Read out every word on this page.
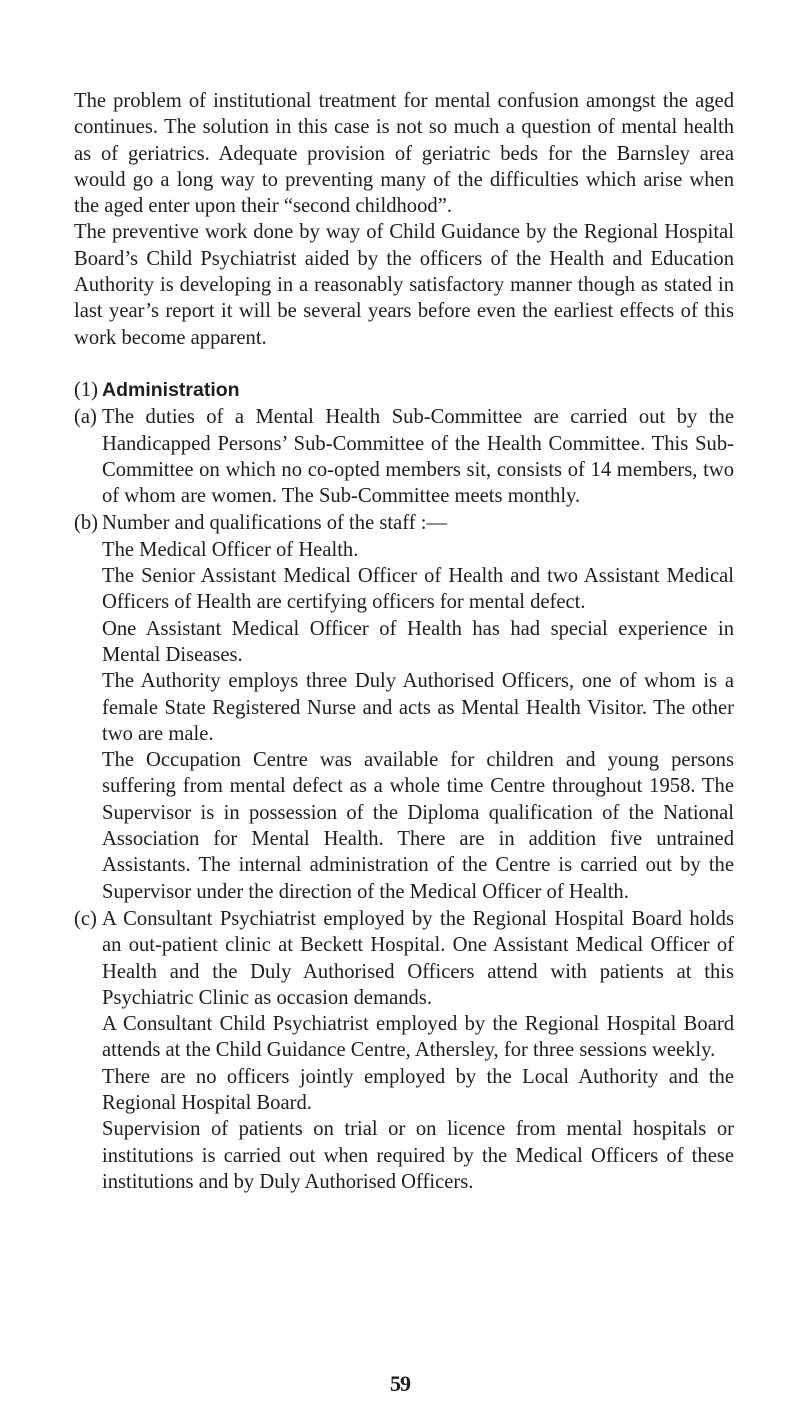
The problem of institutional treatment for mental confusion amongst the aged continues. The solution in this case is not so much a question of mental health as of geriatrics. Adequate provision of geriatric beds for the Barnsley area would go a long way to preventing many of the difficulties which arise when the aged enter upon their “second childhood”.

The preventive work done by way of Child Guidance by the Regional Hospital Board’s Child Psychiatrist aided by the officers of the Health and Education Authority is developing in a reasonably satisfactory manner though as stated in last year’s report it will be several years before even the earliest effects of this work become apparent.

(1) Administration
(a) The duties of a Mental Health Sub-Committee are carried out by the Handicapped Persons’ Sub-Committee of the Health Committee. This Sub-Committee on which no co-opted members sit, consists of 14 members, two of whom are women. The Sub-Committee meets monthly.

(b) Number and qualifications of the staff :—

The Medical Officer of Health.

The Senior Assistant Medical Officer of Health and two Assistant Medical Officers of Health are certifying officers for mental defect.

One Assistant Medical Officer of Health has had special experience in Mental Diseases.

The Authority employs three Duly Authorised Officers, one of whom is a female State Registered Nurse and acts as Mental Health Visitor. The other two are male.

The Occupation Centre was available for children and young persons suffering from mental defect as a whole time Centre throughout 1958. The Supervisor is in possession of the Diploma qualification of the National Association for Mental Health. There are in addition five untrained Assistants. The internal administration of the Centre is carried out by the Supervisor under the direction of the Medical Officer of Health.

(c) A Consultant Psychiatrist employed by the Regional Hospital Board holds an out-patient clinic at Beckett Hospital. One Assistant Medical Officer of Health and the Duly Authorised Officers attend with patients at this Psychiatric Clinic as occasion demands.

A Consultant Child Psychiatrist employed by the Regional Hospital Board attends at the Child Guidance Centre, Athersley, for three sessions weekly.

There are no officers jointly employed by the Local Authority and the Regional Hospital Board.

Supervision of patients on trial or on licence from mental hospitals or institutions is carried out when required by the Medical Officers of these institutions and by Duly Authorised Officers.

59
